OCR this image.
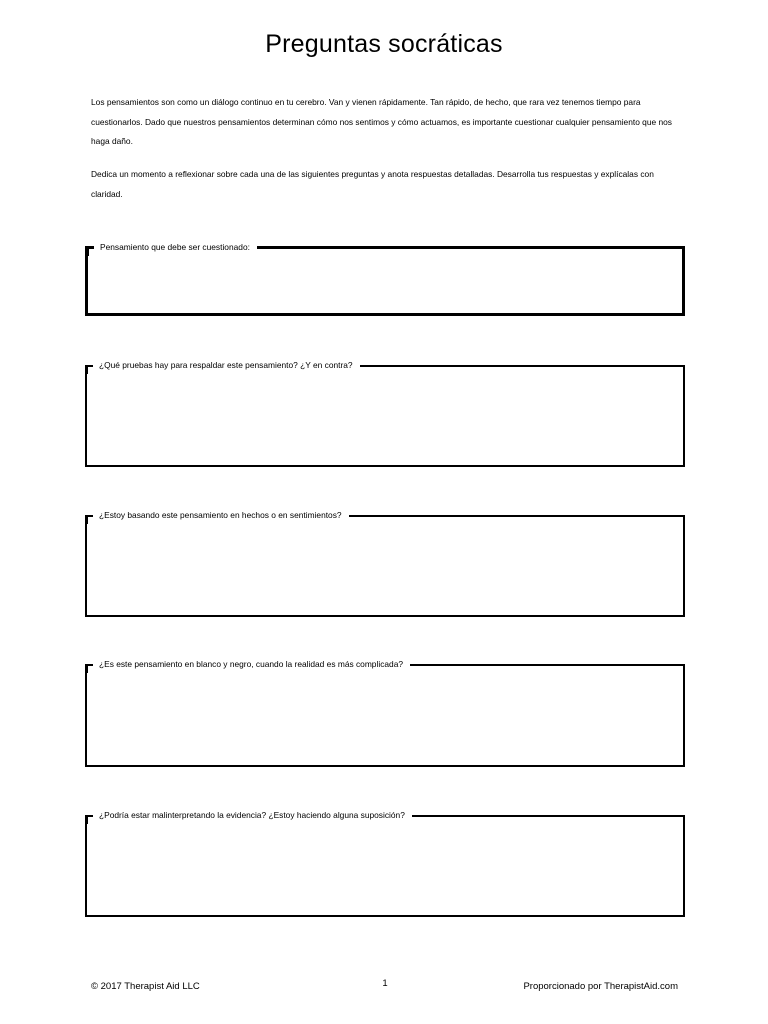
Preguntas socráticas

Los pensamientos son como un diálogo continuo en tu cerebro. Van y vienen rápidamente. Tan rápido, de hecho, que rara vez tenemos tiempo para cuestionarlos. Dado que nuestros pensamientos determinan cómo nos sentimos y cómo actuamos, es importante cuestionar cualquier pensamiento que nos haga daño.

Dedica un momento a reflexionar sobre cada una de las siguientes preguntas y anota respuestas detalladas. Desarrolla tus respuestas y explícalas con claridad.

Pensamiento que debe ser cuestionado:
¿Qué pruebas hay para respaldar este pensamiento? ¿Y en contra?
¿Estoy basando este pensamiento en hechos o en sentimientos?
¿Es este pensamiento en blanco y negro, cuando la realidad es más complicada?
¿Podría estar malinterpretando la evidencia? ¿Estoy haciendo alguna suposición?
© 2017 Therapist Aid LLC	1	Proporcionado por TherapistAid.com
